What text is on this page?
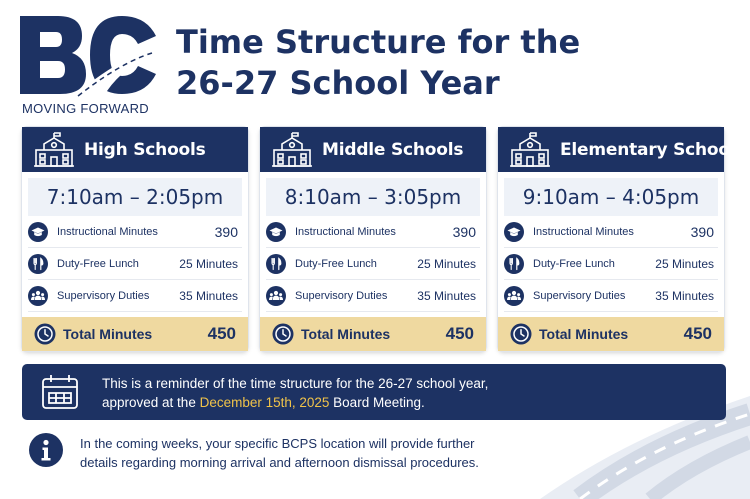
MOVING FORWARD
Time Structure for the
26-27 School Year
High Schools
7:10am – 2:05pm
Instructional Minutes	390
Duty-Free Lunch	25 Minutes
Supervisory Duties	35 Minutes
Total Minutes	450
Middle Schools
8:10am – 3:05pm
Instructional Minutes	390
Duty-Free Lunch	25 Minutes
Supervisory Duties	35 Minutes
Total Minutes	450
Elementary Schools
9:10am – 4:05pm
Instructional Minutes	390
Duty-Free Lunch	25 Minutes
Supervisory Duties	35 Minutes
Total Minutes	450
This is a reminder of the time structure for the 26-27 school year,
approved at the December 15th, 2025 Board Meeting.
In the coming weeks, your specific BCPS location will provide further
details regarding morning arrival and afternoon dismissal procedures.
